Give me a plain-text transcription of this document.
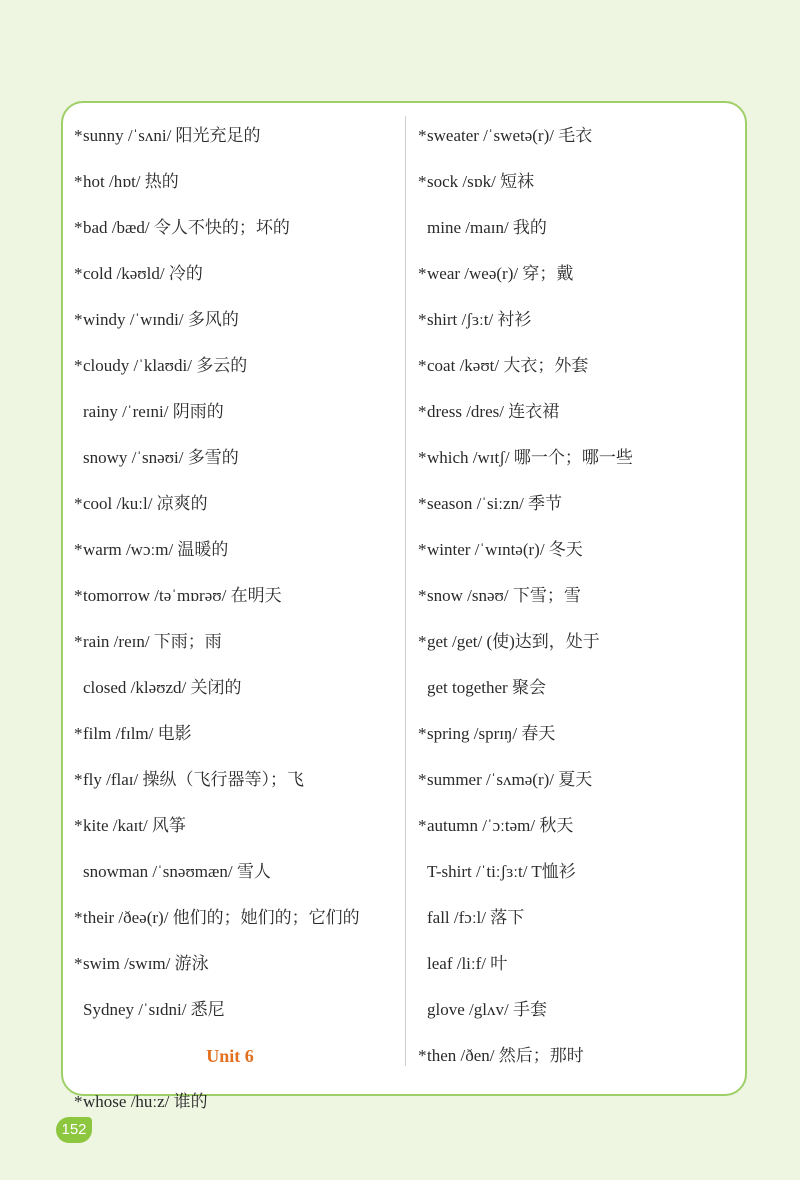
*sunny /ˈsʌni/ 阳光充足的
*hot /hɒt/ 热的
*bad /bæd/ 令人不快的；坏的
*cold /kəʊld/ 冷的
*windy /ˈwɪndi/ 多风的
*cloudy /ˈklaʊdi/ 多云的
rainy /ˈreɪni/ 阴雨的
snowy /ˈsnəʊi/ 多雪的
*cool /kuːl/ 凉爽的
*warm /wɔːm/ 温暖的
*tomorrow /təˈmɒrəʊ/ 在明天
*rain /reɪn/ 下雨；雨
closed /kləʊzd/ 关闭的
*film /fɪlm/ 电影
*fly /flaɪ/ 操纵（飞行器等）；飞
*kite /kaɪt/ 风筝
snowman /ˈsnəʊmæn/ 雪人
*their /ðeə(r)/ 他们的；她们的；它们的
*swim /swɪm/ 游泳
Sydney /ˈsɪdni/ 悉尼
Unit 6
*whose /huːz/ 谁的
*sweater /ˈswetə(r)/ 毛衣
*sock /sɒk/ 短袜
mine /maɪn/ 我的
*wear /weə(r)/ 穿；戴
*shirt /ʃɜːt/ 衬衫
*coat /kəʊt/ 大衣；外套
*dress /dres/ 连衣裙
*which /wɪtʃ/ 哪一个；哪一些
*season /ˈsiːzn/ 季节
*winter /ˈwɪntə(r)/ 冬天
*snow /snəʊ/ 下雪；雪
*get /get/ (使)达到，处于
get together 聚会
*spring /sprɪŋ/ 春天
*summer /ˈsʌmə(r)/ 夏天
*autumn /ˈɔːtəm/ 秋天
T-shirt /ˈtiːʃɜːt/ T恤衫
fall /fɔːl/ 落下
leaf /liːf/ 叶
glove /glʌv/ 手套
*then /ðen/ 然后；那时
152
